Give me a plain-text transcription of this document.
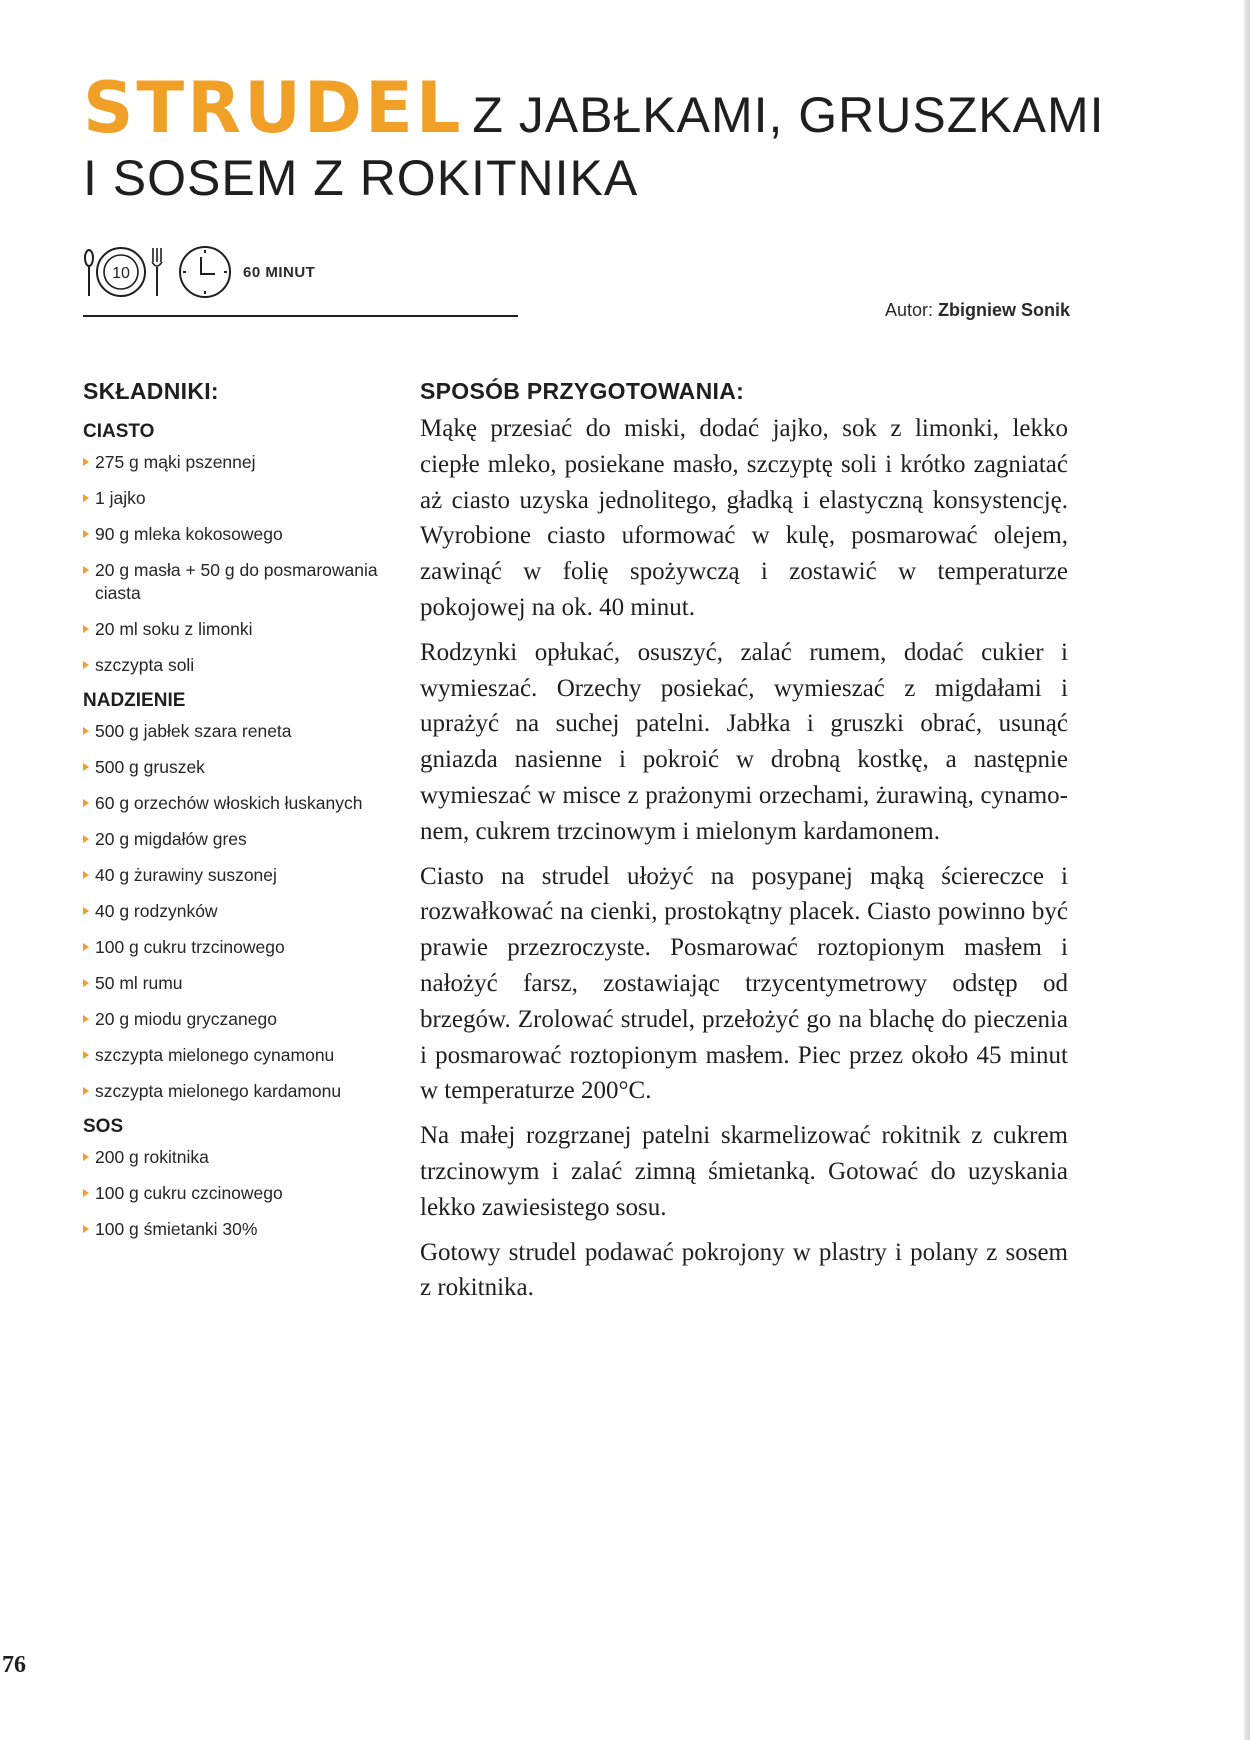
STRUDEL Z JABŁKAMI, GRUSZKAMI
I SOSEM Z ROKITNIKA
10	60 MINUT
Autor: Zbigniew Sonik
SKŁADNIKI:
CIASTO
275 g mąki pszennej
1 jajko
90 g mleka kokosowego
20 g masła + 50 g do posmarowania ciasta
20 ml soku z limonki
szczypta soli
NADZIENIE
500 g jabłek szara reneta
500 g gruszek
60 g orzechów włoskich łuskanych
20 g migdałów gres
40 g żurawiny suszonej
40 g rodzynków
100 g cukru trzcinowego
50 ml rumu
20 g miodu gryczanego
szczypta mielonego cynamonu
szczypta mielonego kardamonu
SOS
200 g rokitnika
100 g cukru czcinowego
100 g śmietanki 30%
SPOSÓB PRZYGOTOWANIA:

Mąkę przesiać do miski, dodać jajko, sok z limonki, lekko ciepłe mleko, posiekane masło, szczyptę soli i krótko zagniatać aż ciasto uzyska jednolitego, gładką i elastyczną konsystencję. Wyrobione ciasto uformować w kulę, posmarować olejem, zawinąć w folię spożywczą i zostawić w temperaturze pokojowej na ok. 40 minut.

Rodzynki opłukać, osuszyć, zalać rumem, dodać cukier i wymieszać. Orzechy posiekać, wymieszać z migdałami i uprażyć na suchej patelni. Jabłka i gruszki obrać, usunąć gniazda nasienne i pokroić w drobną kostkę, a następnie wymieszać w misce z prażonymi orzechami, żurawiną, cynamonem, cukrem trzcinowym i mielonym kardamonem.

Ciasto na strudel ułożyć na posypanej mąką ściereczce i rozwałkować na cienki, prostokątny placek. Ciasto powinno być prawie przezroczyste. Posmarować roztopionym masłem i nałożyć farsz, zostawiając trzycentymetrowy odstęp od brzegów. Zrolować strudel, przełożyć go na blachę do pieczenia i posmarować roztopionym masłem. Piec przez około 45 minut w temperaturze 200°C.

Na małej rozgrzanej patelni skarmelizować rokitnik z cukrem trzcinowym i zalać zimną śmietanką. Gotować do uzyskania lekko zawiesistego sosu.

Gotowy strudel podawać pokrojony w plastry i polany z sosem z rokitnika.

76
